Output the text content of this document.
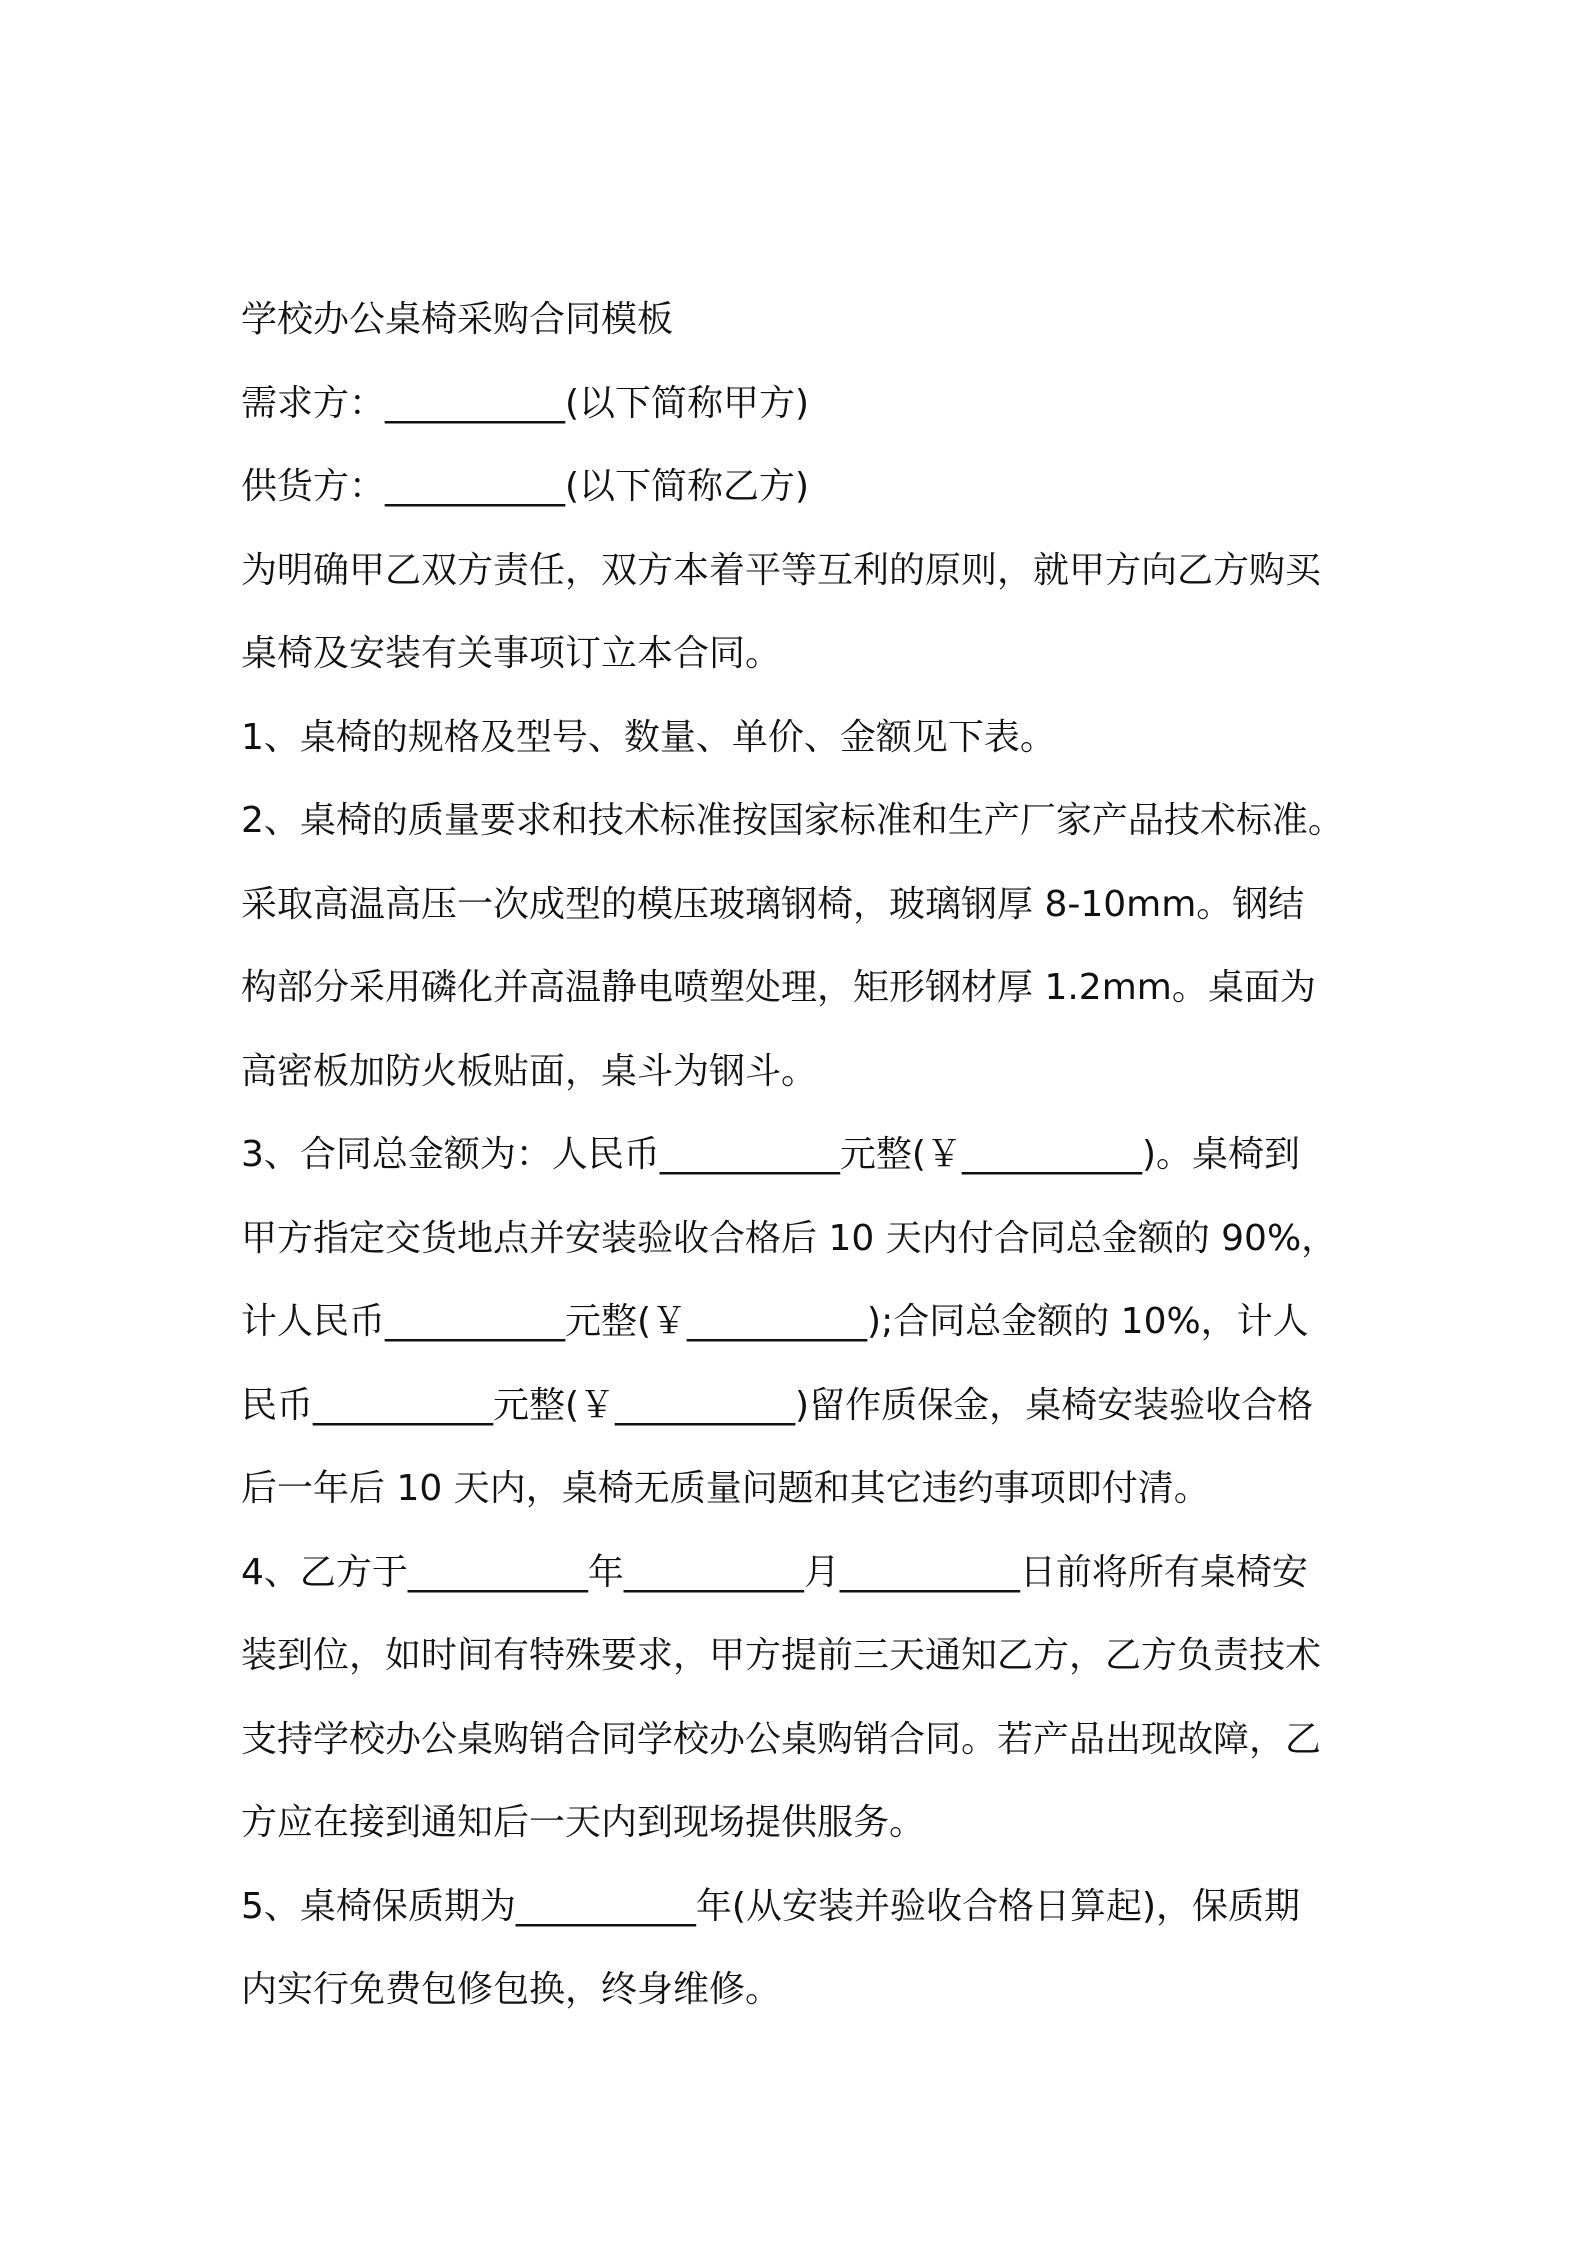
学校办公桌椅采购合同模板
需求方：__________(以下简称甲方)
供货方：__________(以下简称乙方)
为明确甲乙双方责任，双方本着平等互利的原则，就甲方向乙方购买
桌椅及安装有关事项订立本合同。
1、桌椅的规格及型号、数量、单价、金额见下表。
2、桌椅的质量要求和技术标准按国家标准和生产厂家产品技术标准。
采取高温高压一次成型的模压玻璃钢椅，玻璃钢厚 8-10mm。钢结
构部分采用磷化并高温静电喷塑处理，矩形钢材厚 1.2mm。桌面为
高密板加防火板贴面，桌斗为钢斗。
3、合同总金额为：人民币__________元整(￥__________)。桌椅到
甲方指定交货地点并安装验收合格后 10 天内付合同总金额的 90%，
计人民币__________元整(￥__________);合同总金额的 10%，计人
民币__________元整(￥__________)留作质保金，桌椅安装验收合格
后一年后 10 天内，桌椅无质量问题和其它违约事项即付清。
4、乙方于__________年__________月__________日前将所有桌椅安
装到位，如时间有特殊要求，甲方提前三天通知乙方，乙方负责技术
支持学校办公桌购销合同学校办公桌购销合同。若产品出现故障，乙
方应在接到通知后一天内到现场提供服务。
5、桌椅保质期为__________年(从安装并验收合格日算起)，保质期
内实行免费包修包换，终身维修。
